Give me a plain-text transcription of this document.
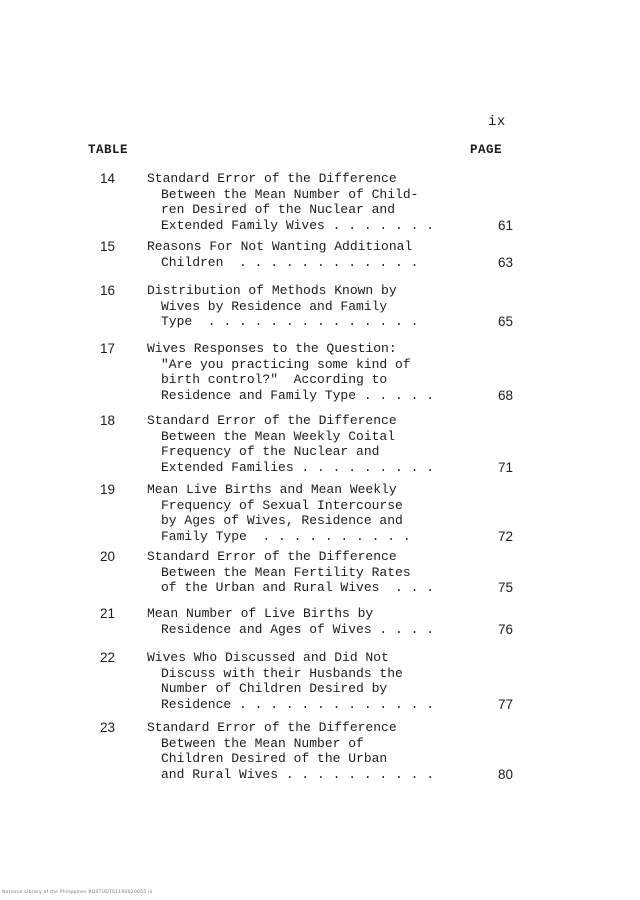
ix
TABLE	PAGE
14	Standard Error of the Difference
Between the Mean Number of Child-
ren Desired of the Nuclear and
Extended Family Wives . . . . . . .	61
15	Reasons For Not Wanting Additional
Children  . . . . . . . . . . . .	63
16	Distribution of Methods Known by
Wives by Residence and Family
Type  . . . . . . . . . . . . . .	65
17	Wives Responses to the Question:
"Are you practicing some kind of
birth control?"  According to
Residence and Family Type . . . . .	68
18	Standard Error of the Difference
Between the Mean Weekly Coital
Frequency of the Nuclear and
Extended Families . . . . . . . . .	71
19	Mean Live Births and Mean Weekly
Frequency of Sexual Intercourse
by Ages of Wives, Residence and
Family Type  . . . . . . . . . .	72
20	Standard Error of the Difference
Between the Mean Fertility Rates
of the Urban and Rural Wives  . . .	75
21	Mean Number of Live Births by
Residence and Ages of Wives . . . .	76
22	Wives Who Discussed and Did Not
Discuss with their Husbands the
Number of Children Desired by
Residence . . . . . . . . . . . . .	77
23	Standard Error of the Difference
Between the Mean Number of
Children Desired of the Urban
and Rural Wives . . . . . . . . . .	80
National Library of the Philippines RDSTUDTS1190020055 iii
